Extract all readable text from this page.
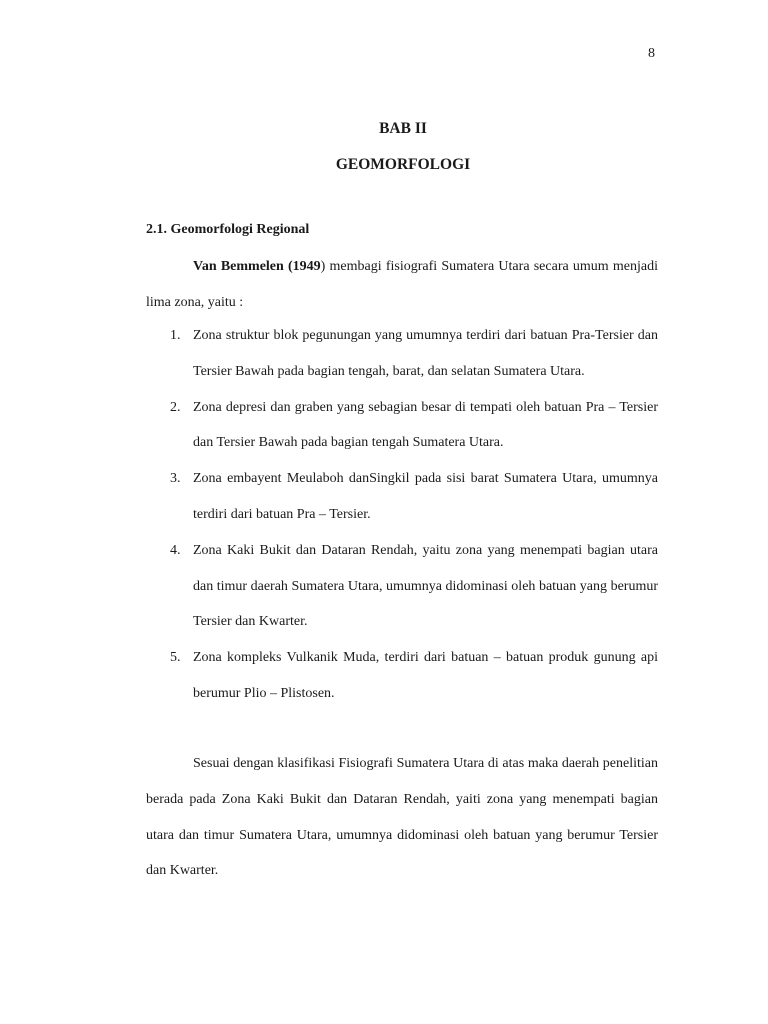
8
BAB II
GEOMORFOLOGI
2.1. Geomorfologi Regional

Van Bemmelen (1949) membagi fisiografi Sumatera Utara secara umum menjadi lima zona, yaitu :

1. Zona struktur blok pegunungan yang umumnya terdiri dari batuan Pra-Tersier dan Tersier Bawah pada bagian tengah, barat, dan selatan Sumatera Utara.
2. Zona depresi dan graben yang sebagian besar di tempati oleh batuan Pra – Tersier dan Tersier Bawah pada bagian tengah Sumatera Utara.
3. Zona embayent Meulaboh danSingkil pada sisi barat Sumatera Utara, umumnya terdiri dari batuan Pra – Tersier.
4. Zona Kaki Bukit dan Dataran Rendah, yaitu zona yang menempati bagian utara dan timur daerah Sumatera Utara, umumnya didominasi oleh batuan yang berumur Tersier dan Kwarter.
5. Zona kompleks Vulkanik Muda, terdiri dari batuan – batuan produk gunung api berumur Plio – Plistosen.

Sesuai dengan klasifikasi Fisiografi Sumatera Utara di atas maka daerah penelitian berada pada Zona Kaki Bukit dan Dataran Rendah, yaiti zona yang menempati bagian utara dan timur Sumatera Utara, umumnya didominasi oleh batuan yang berumur Tersier dan Kwarter.
